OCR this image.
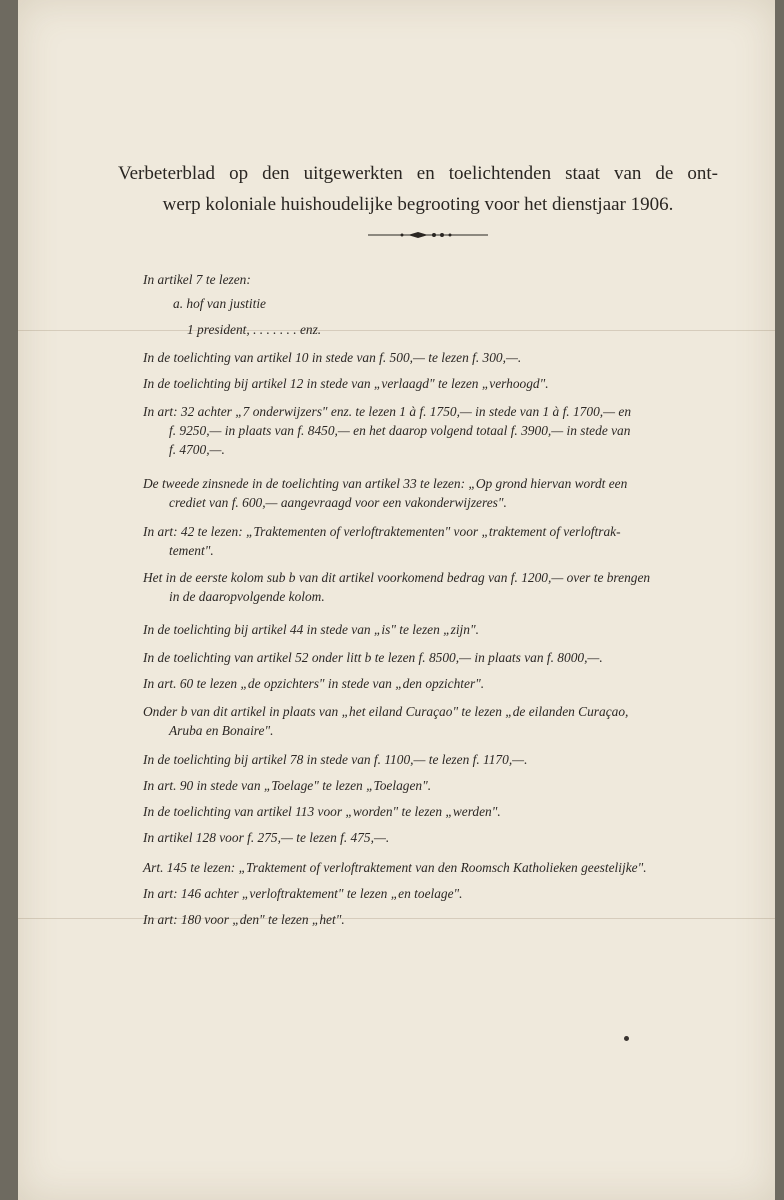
Verbeterblad op den uitgewerkten en toelichtenden staat van de ont-
werp koloniale huishoudelijke begrooting voor het dienstjaar 1906.
In artikel 7 te lezen:
a. hof van justitie
1 president, . . . . . . . enz.
In de toelichting van artikel 10 in stede van f. 500,— te lezen f. 300,—.
In de toelichting bij artikel 12 in stede van „verlaagd" te lezen „verhoogd".
In art: 32 achter „7 onderwijzers" enz. te lezen 1 à f. 1750,— in stede van 1 à f. 1700,— en
f. 9250,— in plaats van f. 8450,— en het daarop volgend totaal f. 3900,— in stede van
f. 4700,—.
De tweede zinsnede in de toelichting van artikel 33 te lezen: „Op grond hiervan wordt een
crediet van f. 600,— aangevraagd voor een vakonderwijzeres".
In art: 42 te lezen: „Traktementen of verloftraktementen" voor „traktement of verloftrak-
tement".
Het in de eerste kolom sub b van dit artikel voorkomend bedrag van f. 1200,— over te brengen
in de daaropvolgende kolom.
In de toelichting bij artikel 44 in stede van „is" te lezen „zijn".
In de toelichting van artikel 52 onder litt b te lezen f. 8500,— in plaats van f. 8000,—.
In art. 60 te lezen „de opzichters" in stede van „den opzichter".
Onder b van dit artikel in plaats van „het eiland Curaçao" te lezen „de eilanden Curaçao,
Aruba en Bonaire".
In de toelichting bij artikel 78 in stede van f. 1100,— te lezen f. 1170,—.
In art. 90 in stede van „Toelage" te lezen „Toelagen".
In de toelichting van artikel 113 voor „worden" te lezen „werden".
In artikel 128 voor f. 275,— te lezen f. 475,—.
Art. 145 te lezen: „Traktement of verloftraktement van den Roomsch Katholieken geestelijke".
In art: 146 achter „verloftraktement" te lezen „en toelage".
In art: 180 voor „den" te lezen „het".
